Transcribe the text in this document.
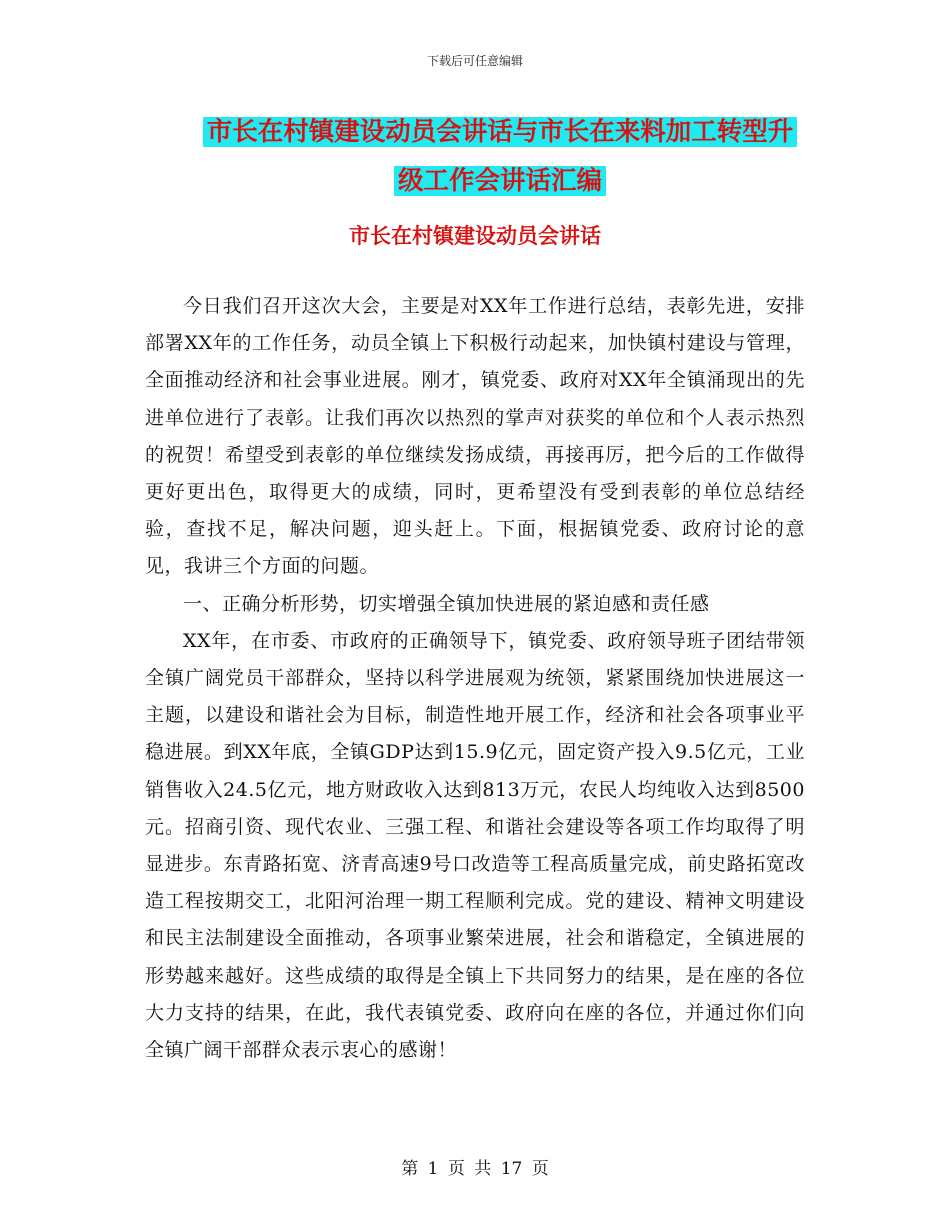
下载后可任意编辑
市长在村镇建设动员会讲话与市长在来料加工转型升
级工作会讲话汇编
市长在村镇建设动员会讲话

今日我们召开这次大会，主要是对XX年工作进行总结，表彰先进，安排部署XX年的工作任务，动员全镇上下积极行动起来，加快镇村建设与管理，全面推动经济和社会事业进展。刚才，镇党委、政府对XX年全镇涌现出的先进单位进行了表彰。让我们再次以热烈的掌声对获奖的单位和个人表示热烈的祝贺！希望受到表彰的单位继续发扬成绩，再接再厉，把今后的工作做得更好更出色，取得更大的成绩，同时，更希望没有受到表彰的单位总结经验，查找不足，解决问题，迎头赶上。下面，根据镇党委、政府讨论的意见，我讲三个方面的问题。

一、正确分析形势，切实增强全镇加快进展的紧迫感和责任感

XX年，在市委、市政府的正确领导下，镇党委、政府领导班子团结带领全镇广阔党员干部群众，坚持以科学进展观为统领，紧紧围绕加快进展这一主题，以建设和谐社会为目标，制造性地开展工作，经济和社会各项事业平稳进展。到XX年底，全镇GDP达到15.9亿元，固定资产投入9.5亿元，工业销售收入24.5亿元，地方财政收入达到813万元，农民人均纯收入达到8500元。招商引资、现代农业、三强工程、和谐社会建设等各项工作均取得了明显进步。东青路拓宽、济青高速9号口改造等工程高质量完成，前史路拓宽改造工程按期交工，北阳河治理一期工程顺利完成。党的建设、精神文明建设和民主法制建设全面推动，各项事业繁荣进展，社会和谐稳定，全镇进展的形势越来越好。这些成绩的取得是全镇上下共同努力的结果，是在座的各位大力支持的结果，在此，我代表镇党委、政府向在座的各位，并通过你们向全镇广阔干部群众表示衷心的感谢！

第 1 页 共 17 页
